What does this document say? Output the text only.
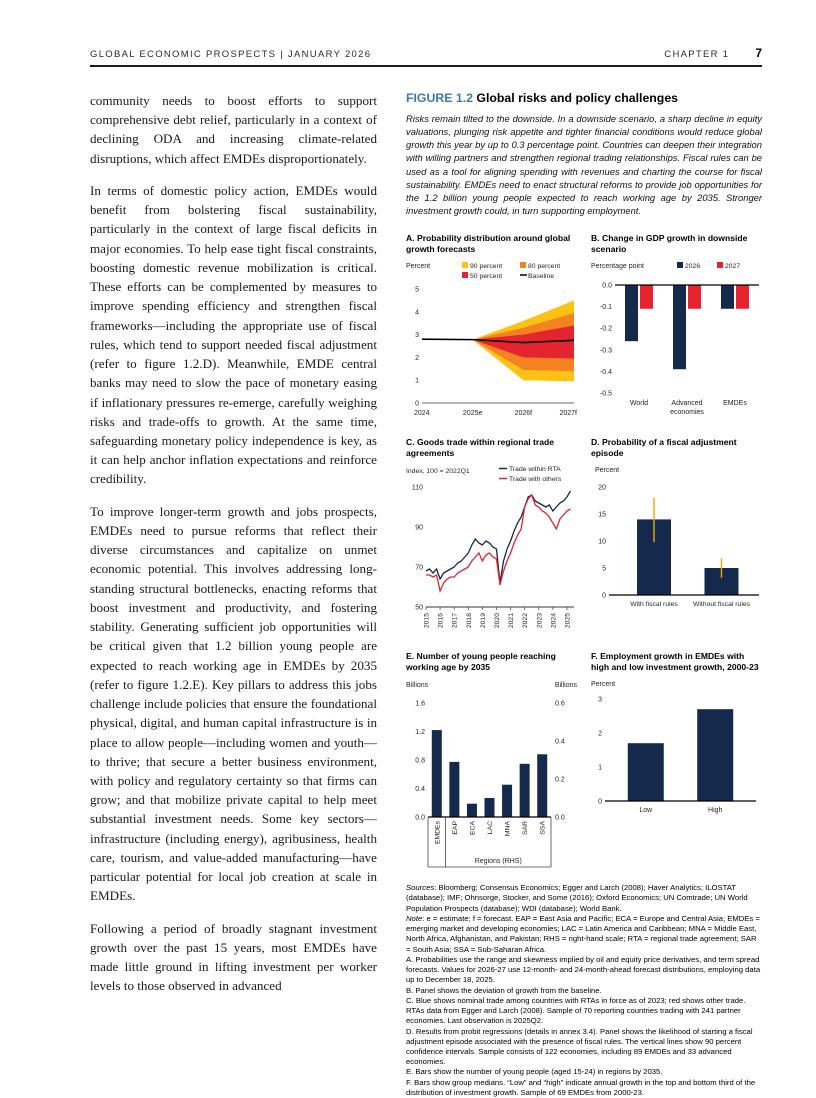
GLOBAL ECONOMIC PROSPECTS | JANUARY 2026	CHAPTER 1 7

community needs to boost efforts to support comprehensive debt relief, particularly in a context of declining ODA and increasing climate-related disruptions, which affect EMDEs disproportionately.

In terms of domestic policy action, EMDEs would benefit from bolstering fiscal sustainability, particularly in the context of large fiscal deficits in major economies. To help ease tight fiscal constraints, boosting domestic revenue mobilization is critical. These efforts can be complemented by measures to improve spending efficiency and strengthen fiscal frameworks—including the appropriate use of fiscal rules, which tend to support needed fiscal adjustment (refer to figure 1.2.D). Meanwhile, EMDE central banks may need to slow the pace of monetary easing if inflationary pressures re-emerge, carefully weighing risks and trade-offs to growth. At the same time, safeguarding monetary policy independence is key, as it can help anchor inflation expectations and reinforce credibility.

To improve longer-term growth and jobs prospects, EMDEs need to pursue reforms that reflect their diverse circumstances and capitalize on unmet economic potential. This involves addressing long-standing structural bottlenecks, enacting reforms that boost investment and productivity, and fostering stability. Generating sufficient job opportunities will be critical given that 1.2 billion young people are expected to reach working age in EMDEs by 2035 (refer to figure 1.2.E). Key pillars to address this jobs challenge include policies that ensure the foundational physical, digital, and human capital infrastructure is in place to allow people—including women and youth—to thrive; that secure a better business environment, with policy and regulatory certainty so that firms can grow; and that mobilize private capital to help meet substantial investment needs. Some key sectors—infrastructure (including energy), agribusiness, health care, tourism, and value-added manufacturing—have particular potential for local job creation at scale in EMDEs.

Following a period of broadly stagnant investment growth over the past 15 years, most EMDEs have made little ground in lifting investment per worker levels to those observed in advanced

FIGURE 1.2 Global risks and policy challenges

Risks remain tilted to the downside. In a downside scenario, a sharp decline in equity valuations, plunging risk appetite and tighter financial conditions would reduce global growth this year by up to 0.3 percentage point. Countries can deepen their integration with willing partners and strengthen regional trading relationships. Fiscal rules can be used as a tool for aligning spending with revenues and charting the course for fiscal sustainability. EMDEs need to enact structural reforms to provide job opportunities for the 1.2 billion young people expected to reach working age by 2035. Stronger investment growth could, in turn supporting employment.

A. Probability distribution around global growth forecasts
0
1
2
3
4
5
2024	2025e	2026f	2027f
Percent	90 percent	80 percent
50 percent	Baseline
B. Change in GDP growth in downside scenario
0.0
-0.1
-0.2
-0.3
-0.4
-0.5
World	Advanced
economies
EMDEs
Percentage point	2026	2027
C. Goods trade within regional trade agreements
50
70
90
110
2015 2016 2017 2018 2019 2020 2021 2022 2023 2024 2025
Index, 100 = 2022Q1	Trade within RTA
Trade with others
D. Probability of a fiscal adjustment episode
0
5
10
15
20
With fiscal rules Without fiscal rules
Percent
E. Number of young people reaching working age by 2035
0.0
0.4
0.8
1.2
1.6
0.0
0.2
0.4
0.6
EMDEs EAP ECA LAC MNA SAR SSA
Regions (RHS)
Billions	Billions
F. Employment growth in EMDEs with high and low investment growth, 2000-23
0
1
2
3
Low	High
Percent

Sources: Bloomberg; Consensus Economics; Egger and Larch (2008); Haver Analytics; ILOSTAT (database); IMF; Ohnsorge, Stocker, and Some (2016); Oxford Economics; UN Comtrade; UN World Population Prospects (database); WDI (database); World Bank.

Note: e = estimate; f = forecast. EAP = East Asia and Pacific; ECA = Europe and Central Asia; EMDEs = emerging market and developing economies; LAC = Latin America and Caribbean; MNA = Middle East, North Africa, Afghanistan, and Pakistan; RHS = right-hand scale; RTA = regional trade agreement; SAR = South Asia; SSA = Sub-Saharan Africa.

A. Probabilities use the range and skewness implied by oil and equity price derivatives, and term spread forecasts. Values for 2026-27 use 12-month- and 24-month-ahead forecast distributions, employing data up to December 18, 2025.

B. Panel shows the deviation of growth from the baseline.

C. Blue shows nominal trade among countries with RTAs in force as of 2023; red shows other trade. RTAs data from Egger and Larch (2008). Sample of 70 reporting countries trading with 241 partner economies. Last observation is 2025Q2.

D. Results from probit regressions (details in annex 3.4). Panel shows the likelihood of starting a fiscal adjustment episode associated with the presence of fiscal rules. The vertical lines show 90 percent confidence intervals. Sample consists of 122 economies, including 89 EMDEs and 33 advanced economies.

E. Bars show the number of young people (aged 15-24) in regions by 2035.

F. Bars show group medians. “Low” and “high” indicate annual growth in the top and bottom third of the distribution of investment growth. Sample of 69 EMDEs from 2000-23.
